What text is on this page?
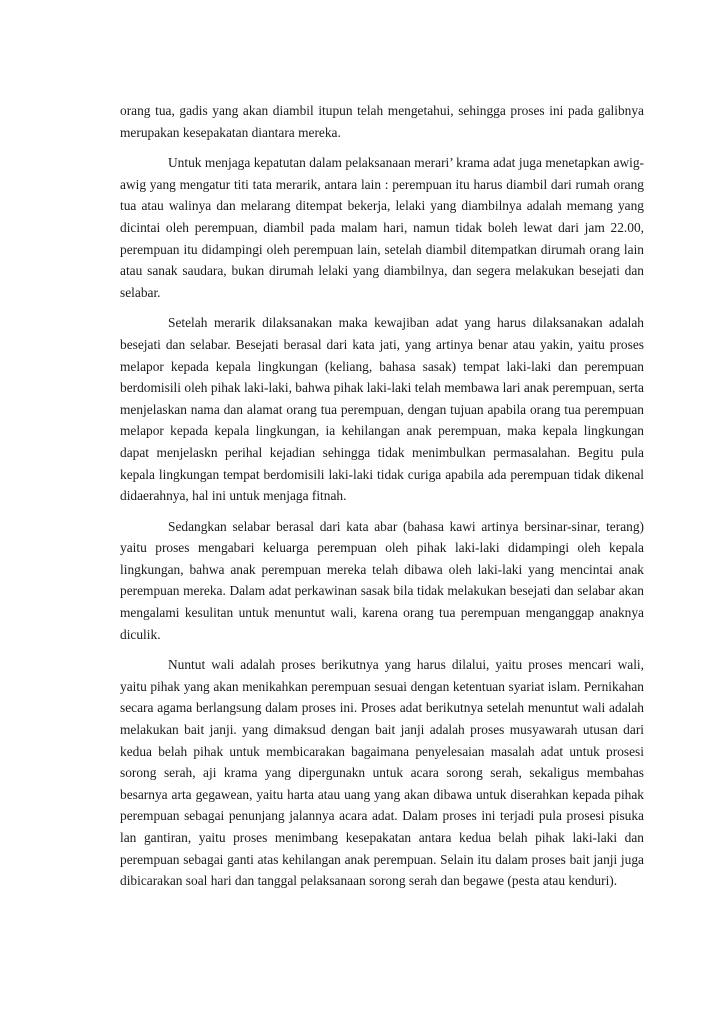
orang tua, gadis yang akan diambil itupun telah mengetahui, sehingga proses ini pada galibnya merupakan kesepakatan diantara mereka.

Untuk menjaga kepatutan dalam pelaksanaan merari’ krama adat juga menetapkan awig-awig yang mengatur titi tata merarik, antara lain : perempuan itu harus diambil dari rumah orang tua atau walinya dan melarang ditempat bekerja, lelaki yang diambilnya adalah memang yang dicintai oleh perempuan, diambil pada malam hari, namun tidak boleh lewat dari jam 22.00, perempuan itu didampingi oleh perempuan lain, setelah diambil ditempatkan dirumah orang lain atau sanak saudara, bukan dirumah lelaki yang diambilnya, dan segera melakukan besejati dan selabar.

Setelah merarik dilaksanakan maka kewajiban adat yang harus dilaksanakan adalah besejati dan selabar. Besejati berasal dari kata jati, yang artinya benar atau yakin, yaitu proses melapor kepada kepala lingkungan (keliang, bahasa sasak) tempat laki-laki dan perempuan berdomisili oleh pihak laki-laki, bahwa pihak laki-laki telah membawa lari anak perempuan, serta menjelaskan nama dan alamat orang tua perempuan, dengan tujuan apabila orang tua perempuan melapor kepada kepala lingkungan, ia kehilangan anak perempuan, maka kepala lingkungan dapat menjelaskn perihal kejadian sehingga tidak menimbulkan permasalahan. Begitu pula kepala lingkungan tempat berdomisili laki-laki tidak curiga apabila ada perempuan tidak dikenal didaerahnya, hal ini untuk menjaga fitnah.

Sedangkan selabar berasal dari kata abar (bahasa kawi artinya bersinar-sinar, terang) yaitu proses mengabari keluarga perempuan oleh pihak laki-laki didampingi oleh kepala lingkungan, bahwa anak perempuan mereka telah dibawa oleh laki-laki yang mencintai anak perempuan mereka. Dalam adat perkawinan sasak bila tidak melakukan besejati dan selabar akan mengalami kesulitan untuk menuntut wali, karena orang tua perempuan menganggap anaknya diculik.

Nuntut wali adalah proses berikutnya yang harus dilalui, yaitu proses mencari wali, yaitu pihak yang akan menikahkan perempuan sesuai dengan ketentuan syariat islam. Pernikahan secara agama berlangsung dalam proses ini. Proses adat berikutnya setelah menuntut wali adalah melakukan bait janji. yang dimaksud dengan bait janji adalah proses musyawarah utusan dari kedua belah pihak untuk membicarakan bagaimana penyelesaian masalah adat untuk prosesi sorong serah, aji krama yang dipergunakn untuk acara sorong serah, sekaligus membahas besarnya arta gegawean, yaitu harta atau uang yang akan dibawa untuk diserahkan kepada pihak perempuan sebagai penunjang jalannya acara adat. Dalam proses ini terjadi pula prosesi pisuka lan gantiran, yaitu proses menimbang kesepakatan antara kedua belah pihak laki-laki dan perempuan sebagai ganti atas kehilangan anak perempuan. Selain itu dalam proses bait janji juga dibicarakan soal hari dan tanggal pelaksanaan sorong serah dan begawe (pesta atau kenduri).
